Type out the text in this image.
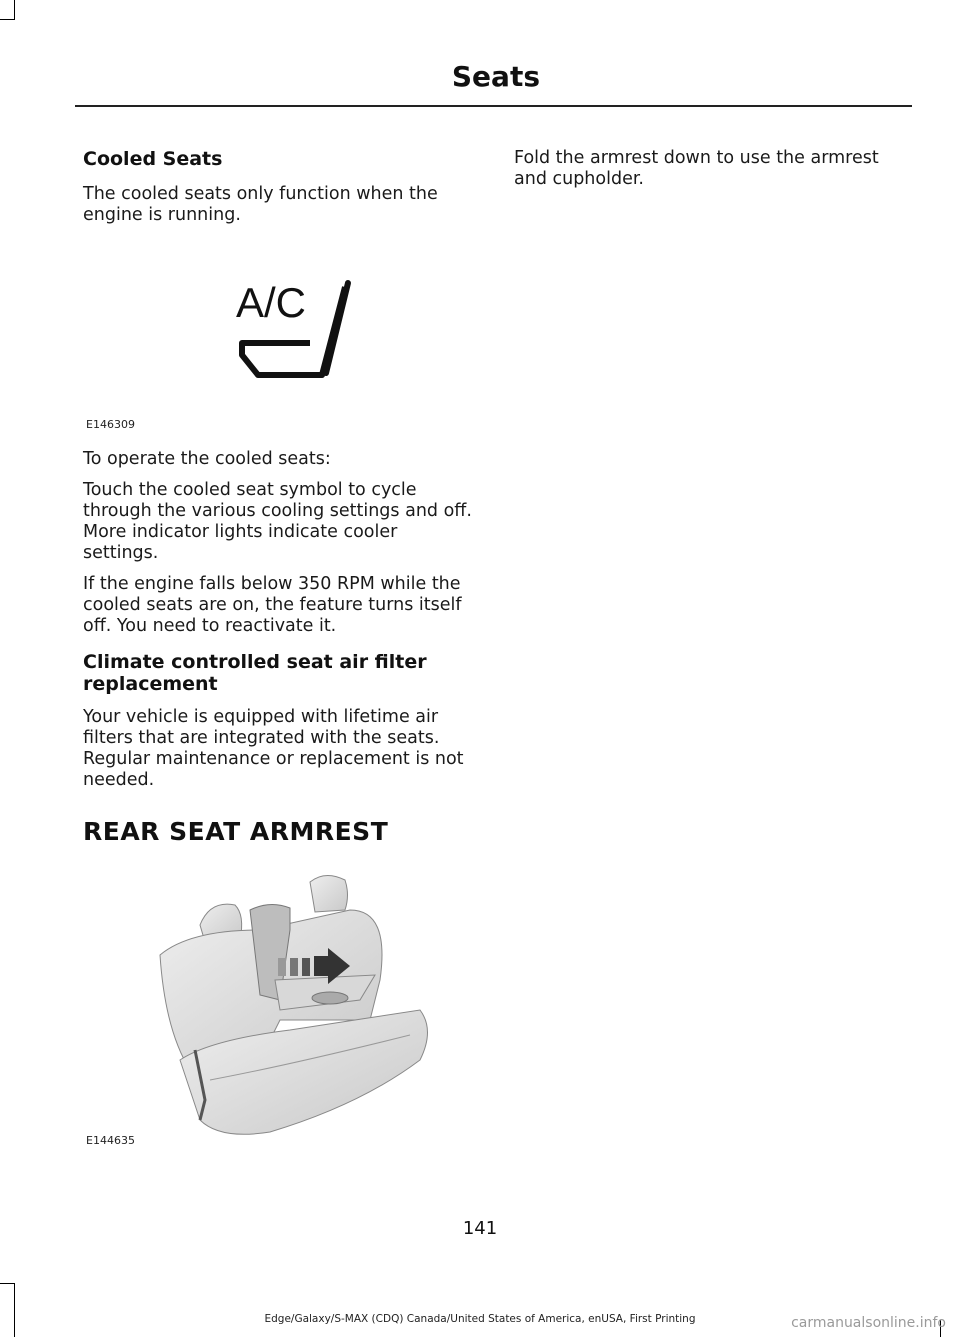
Seats

Cooled Seats

The cooled seats only function when the engine is running.

A/C
E146309

To operate the cooled seats:

Touch the cooled seat symbol to cycle through the various cooling settings and off. More indicator lights indicate cooler settings.

If the engine falls below 350 RPM while the cooled seats are on, the feature turns itself off. You need to reactivate it.

Climate controlled seat air filter replacement

Your vehicle is equipped with lifetime air filters that are integrated with the seats. Regular maintenance or replacement is not needed.

REAR SEAT ARMREST

E144635

Fold the armrest down to use the armrest and cupholder.

141
Edge/Galaxy/S-MAX (CDQ) Canada/United States of America, enUSA, First Printing	carmanualsonline.info
